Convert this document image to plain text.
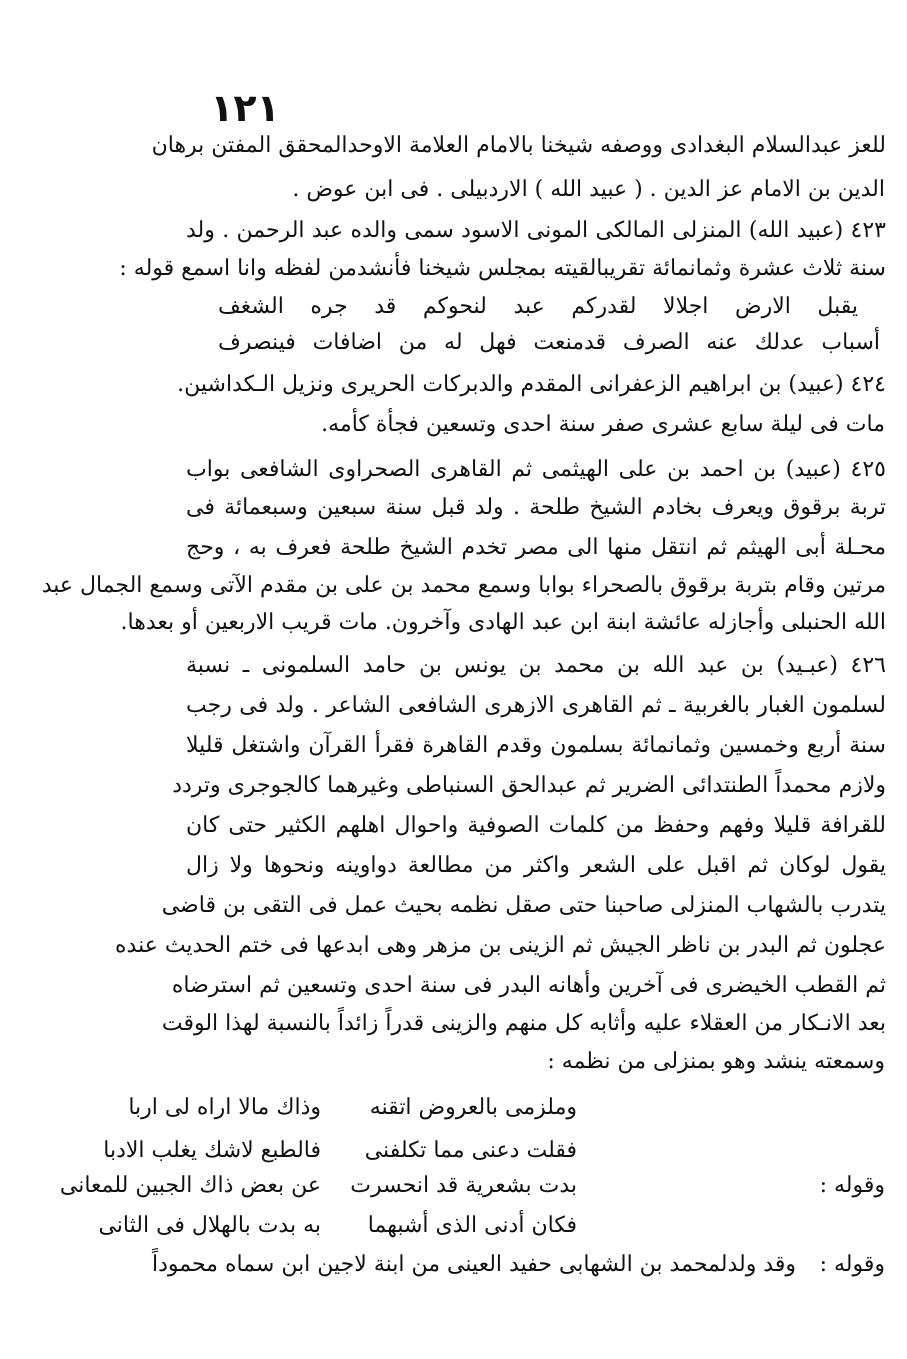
١٢١
للعز عبدالسلام البغدادى ووصفه شيخنا بالامام العلامة الاوحدالمحقق المفتن برهان
الدين بن الامام عز الدين . ( عبيد الله ) الاردبيلى . فى ابن عوض .
٤٢٣ (عبيد الله) المنزلى المالكى المونى الاسود سمى والده عبد الرحمن . ولد
سنة ثلاث عشرة وثمانمائة تقريبالقيته بمجلس شيخنا فأنشدمن لفظه وانا اسمع قوله :
يقبل الارض اجلالا لقدركم عبد لنحوكم قد جره الشغف
أسباب عدلك عنه الصرف قدمنعت فهل له من اضافات فينصرف
٤٢٤ (عبيد) بن ابراهيم الزعفرانى المقدم والدبركات الحريرى ونزيل الـكداشين.
مات فى ليلة سابع عشرى صفر سنة احدى وتسعين فجأة كأمه.
٤٢٥ (عبيد) بن احمد بن على الهيثمى ثم القاهرى الصحراوى الشافعى بواب
تربة برقوق ويعرف بخادم الشيخ طلحة . ولد قبل سنة سبعين وسبعمائة فى
محـلة أبى الهيثم ثم انتقل منها الى مصر تخدم الشيخ طلحة فعرف به ، وحج
مرتين وقام بتربة برقوق بالصحراء بوابا وسمع محمد بن على بن مقدم الآتى وسمع الجمال عبد
الله الحنبلى وأجازله عائشة ابنة ابن عبد الهادى وآخرون. مات قريب الاربعين أو بعدها.
٤٢٦ (عبـيد) بن عبد الله بن محمد بن يونس بن حامد السلمونى ـ نسبة
لسلمون الغبار بالغربية ـ ثم القاهرى الازهرى الشافعى الشاعر . ولد فى رجب
سنة أربع وخمسين وثمانمائة بسلمون وقدم القاهرة فقرأ القرآن واشتغل قليلا
ولازم محمداً الطنتدائى الضرير ثم عبدالحق السنباطى وغيرهما كالجوجرى وتردد
للقرافة قليلا وفهم وحفظ من كلمات الصوفية واحوال اهلهم الكثير حتى كان
يقول لوكان ثم اقبل على الشعر واكثر من مطالعة دواوينه ونحوها ولا زال
يتدرب بالشهاب المنزلى صاحبنا حتى صقل نظمه بحيث عمل فى التقى بن قاضى
عجلون ثم البدر بن ناظر الجيش ثم الزينى بن مزهر وهى ابدعها فى ختم الحديث عنده
ثم القطب الخيضرى فى آخرين وأهانه البدر فى سنة احدى وتسعين ثم استرضاه
بعد الانـكار من العقلاء عليه وأثابه كل منهم والزينى قدراً زائداً بالنسبة لهذا الوقت
وسمعته ينشد وهو بمنزلى من نظمه :
وملزمى بالعروض اتقنه
وذاك مالا اراه لى اربا
فقلت دعنى مما تكلفنى
فالطبع لاشك يغلب الادبا
وقوله :
بدت بشعرية قد انحسرت
عن بعض ذاك الجبين للمعانى
فكان أدنى الذى أشبهما
به بدت بالهلال فى الثانى
وقوله :
وقد ولدلمحمد بن الشهابى حفيد العينى من ابنة لاجين ابن سماه محموداً
